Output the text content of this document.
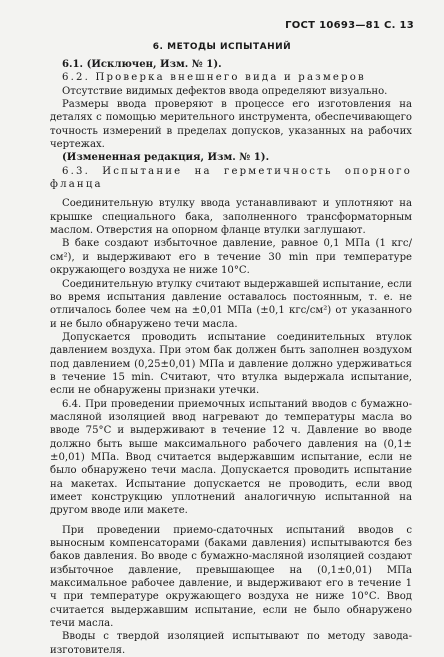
ГОСТ 10693—81 С. 13
6. МЕТОДЫ ИСПЫТАНИЙ

6.1. (Исключен, Изм. № 1).

6.2. Проверка внешнего вида и размеров

Отсутствие видимых дефектов ввода определяют визуально.

Размеры ввода проверяют в процессе его изготовления на деталях с помощью мерительного инструмента, обеспечивающего точность измерений в пределах допусков, указанных на рабочих чертежах.

(Измененная редакция, Изм. № 1).

6.3. Испытание на герметичность опорного фланца

Соединительную втулку ввода устанавливают и уплотняют на крышке специального бака, заполненного трансформаторным маслом. Отверстия на опорном фланце втулки заглушают.

В баке создают избыточное давление, равное 0,1 МПа (1 кгс/см²), и выдерживают его в течение 30 min при температуре окружающего воздуха не ниже 10°С.

Соединительную втулку считают выдержавшей испытание, если во время испытания давление оставалось постоянным, т. е. не отличалось более чем на ±0,01 МПа (±0,1 кгс/см²) от указанного и не было обнаружено течи масла.

Допускается проводить испытание соединительных втулок давлением воздуха. При этом бак должен быть заполнен воздухом под давлением (0,25±0,01) МПа и давление должно удерживаться в течение 15 min. Считают, что втулка выдержала испытание, если не обнаружены признаки утечки.

6.4. При проведении приемочных испытаний вводов с бумажно-масляной изоляцией ввод нагревают до температуры масла во вводе 75°С и выдерживают в течение 12 ч. Давление во вводе должно быть выше максимального рабочего давления на (0,1±±0,01) МПа. Ввод считается выдержавшим испытание, если не было обнаружено течи масла. Допускается проводить испытание на макетах. Испытание допускается не проводить, если ввод имеет конструкцию уплотнений аналогичную испытанной на другом вводе или макете.

При проведении приемо-сдаточных испытаний вводов с выносным компенсаторами (баками давления) испытываются без баков давления. Во вводе с бумажно-масляной изоляцией создают избыточное давление, превышающее на (0,1±0,01) МПа максимальное рабочее давление, и выдерживают его в течение 1 ч при температуре окружающего воздуха не ниже 10°С. Ввод считается выдержавшим испытание, если не было обнаружено течи масла.

Вводы с твердой изоляцией испытывают по методу завода-изготовителя.
